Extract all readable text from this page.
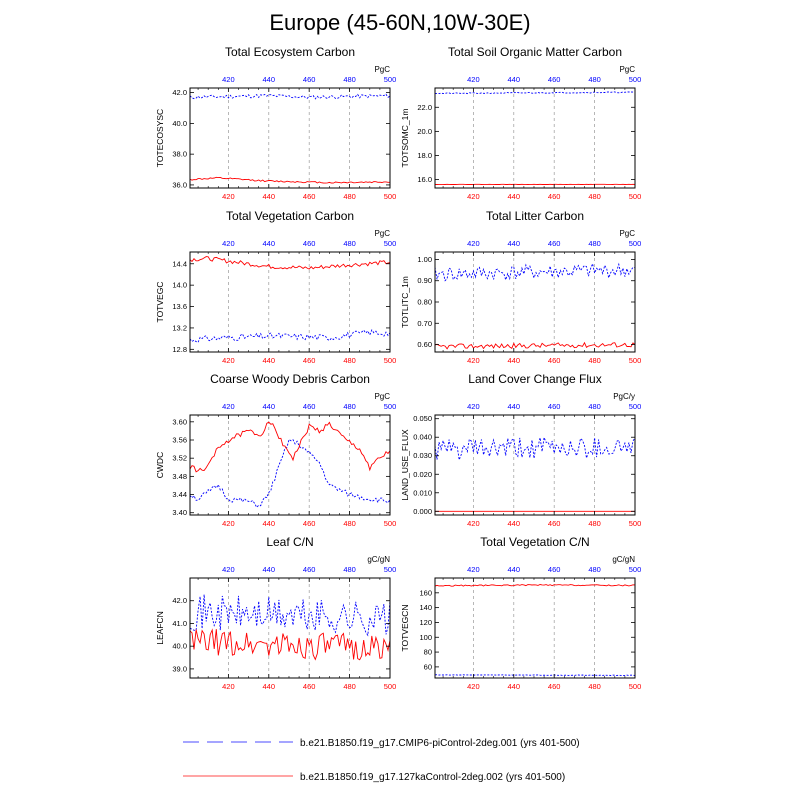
Europe (45-60N,10W-30E)
Total Ecosystem Carbon
PgC
420
420
440
440
460
460
480
480
500
500
36.0
38.0
40.0
42.0
TOTECOSYSC
Total Soil Organic Matter Carbon
PgC
420
420
440
440
460
460
480
480
500
500
16.0
18.0
20.0
22.0
TOTSOMC_1m
Total Vegetation Carbon
PgC
420
420
440
440
460
460
480
480
500
500
12.8
13.2
13.6
14.0
14.4
TOTVEGC
Total Litter Carbon
PgC
420
420
440
440
460
460
480
480
500
500
0.60
0.70
0.80
0.90
1.00
TOTLITC_1m
Coarse Woody Debris Carbon
PgC
420
420
440
440
460
460
480
480
500
500
3.40
3.44
3.48
3.52
3.56
3.60
CWDC
Land Cover Change Flux
PgC/y
420
420
440
440
460
460
480
480
500
500
0.000
0.010
0.020
0.030
0.040
0.050
LAND_USE_FLUX
Leaf C/N
gC/gN
420
420
440
440
460
460
480
480
500
500
39.0
40.0
41.0
42.0
LEAFCN
Total Vegetation C/N
gC/gN
420
420
440
440
460
460
480
480
500
500
60
80
100
120
140
160
TOTVEGCN
b.e21.B1850.f19_g17.CMIP6-piControl-2deg.001 (yrs 401-500)
b.e21.B1850.f19_g17.127kaControl-2deg.002 (yrs 401-500)
